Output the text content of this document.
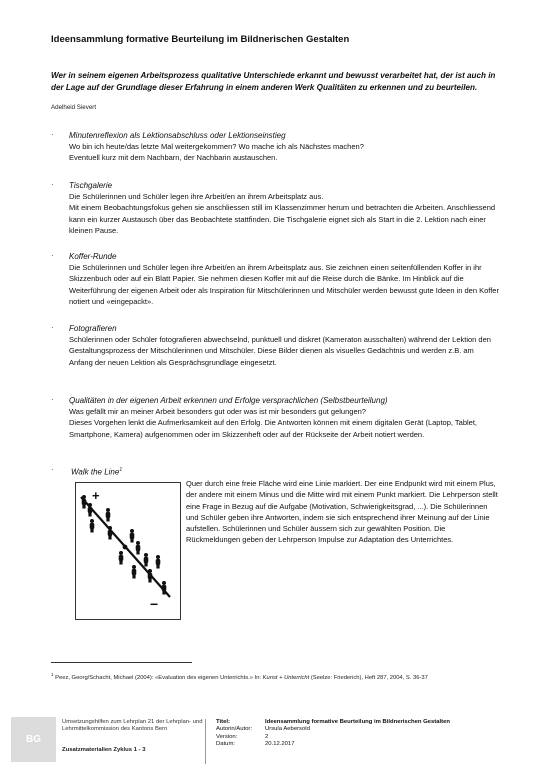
Ideensammlung formative Beurteilung im Bildnerischen Gestalten
Wer in seinem eigenen Arbeitsprozess qualitative Unterschiede erkannt und bewusst verarbeitet hat, der ist auch in der Lage auf der Grundlage dieser Erfahrung in einem anderen Werk Qualitäten zu erkennen und zu beurteilen.
Adelheid Sievert
·	Minutenreflexion als Lektionsabschluss oder Lektionseinstieg

Wo bin ich heute/das letzte Mal weitergekommen? Wo mache ich als Nächstes machen?

Eventuell kurz mit dem Nachbarn, der Nachbarin austauschen.

·	Tischgalerie

Die Schülerinnen und Schüler legen ihre Arbeit/en an ihrem Arbeitsplatz aus.

Mit einem Beobachtungsfokus gehen sie anschliessen still im Klassenzimmer herum und betrachten die Arbeiten. Anschliessend kann ein kurzer Austausch über das Beobachtete stattfinden. Die Tischgalerie eignet sich als Start in die 2. Lektion nach einer kleinen Pause.

·	Koffer-Runde

Die Schülerinnen und Schüler legen ihre Arbeit/en an ihrem Arbeitsplatz aus. Sie zeichnen einen seitenfüllenden Koffer in ihr Skizzenbuch oder auf ein Blatt Papier. Sie nehmen diesen Koffer mit auf die Reise durch die Bänke. Im Hinblick auf die Weiterführung der eigenen Arbeit oder als Inspiration für Mitschülerinnen und Mitschüler werden bewusst gute Ideen in den Koffer notiert und «eingepackt».

·	Fotografieren

Schülerinnen oder Schüler fotografieren abwechselnd, punktuell und diskret (Kameraton ausschalten) während der Lektion den Gestaltungsprozess der Mitschülerinnen und Mitschüler. Diese Bilder dienen als visuelles Gedächtnis und werden z.B. am Anfang der neuen Lektion als Gesprächsgrundlage eingesetzt.

·	Qualitäten in der eigenen Arbeit erkennen und Erfolge versprachlichen (Selbstbeurteilung)

Was gefällt mir an meiner Arbeit besonders gut oder was ist mir besonders gut gelungen?

Dieses Vorgehen lenkt die Aufmerksamkeit auf den Erfolg. Die Antworten können mit einem digitalen Gerät (Laptop, Tablet, Smartphone, Kamera) aufgenommen oder im Skizzenheft oder auf der Rückseite der Arbeit notiert werden.

·	Walk the Line$^1$
+
−
Quer durch eine freie Fläche wird eine Linie markiert. Der eine Endpunkt wird mit einem Plus, der andere mit einem Minus und die Mitte wird mit einem Punkt markiert. Die Lehrperson stellt eine Frage in Bezug auf die Aufgabe (Motivation, Schwierigkeitsgrad, ...). Die Schülerinnen und Schüler geben ihre Antworten, indem sie sich entsprechend ihrer Meinung auf der Linie aufstellen. Schülerinnen und Schüler äussern sich zur gewählten Position. Die Rückmeldungen geben der Lehrperson Impulse zur Adaptation des Unterrichtes.
$^1$ Peez, Georg/Schacht, Michael (2004): «Evaluation des eigenen Unterrichts.» In: Kunst + Unterricht (Seelze: Friederich), Heft 287, 2004, S. 36-37
BG
Umsetzungshilfen zum Lehrplan 21 der Lehrplan- und Lehrmittelkommission des Kantons Bern
Zusatzmaterialien Zyklus 1 - 3
Titel:	Ideensammlung formative Beurteilung im Bildnerischen Gestalten
Autorin/Autor:	Ursula Aebersold
Version:	2
Datum:	20.12.2017
